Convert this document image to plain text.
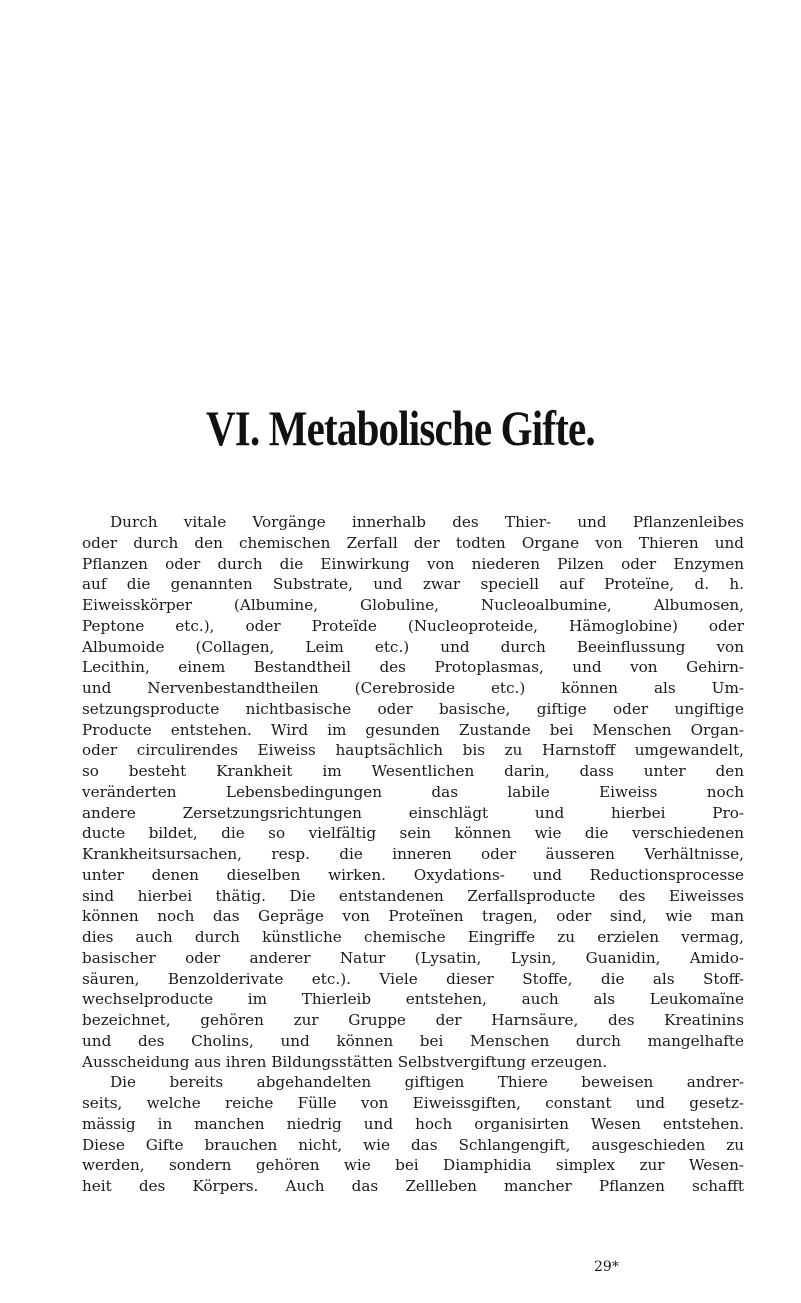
VI. Metabolische Gifte.
Durch vitale Vorgänge innerhalb des Thier- und Pflanzenleibes
oder durch den chemischen Zerfall der todten Organe von Thieren und
Pflanzen oder durch die Einwirkung von niederen Pilzen oder Enzymen
auf die genannten Substrate, und zwar speciell auf Proteïne, d. h.
Eiweisskörper (Albumine, Globuline, Nucleoalbumine, Albumosen,
Peptone etc.), oder Proteïde (Nucleoproteide, Hämoglobine) oder
Albumoide (Collagen, Leim etc.) und durch Beeinflussung von
Lecithin, einem Bestandtheil des Protoplasmas, und von Gehirn-
und Nervenbestandtheilen (Cerebroside etc.) können als Um-
setzungsproducte nichtbasische oder basische, giftige oder ungiftige
Producte entstehen. Wird im gesunden Zustande bei Menschen Organ-
oder circulirendes Eiweiss hauptsächlich bis zu Harnstoff umgewandelt,
so besteht Krankheit im Wesentlichen darin, dass unter den
veränderten Lebensbedingungen das labile Eiweiss noch
andere Zersetzungsrichtungen einschlägt und hierbei Pro-
ducte bildet, die so vielfältig sein können wie die verschiedenen
Krankheitsursachen, resp. die inneren oder äusseren Verhältnisse,
unter denen dieselben wirken. Oxydations- und Reductionsprocesse
sind hierbei thätig. Die entstandenen Zerfallsproducte des Eiweisses
können noch das Gepräge von Proteïnen tragen, oder sind, wie man
dies auch durch künstliche chemische Eingriffe zu erzielen vermag,
basischer oder anderer Natur (Lysatin, Lysin, Guanidin, Amido-
säuren, Benzolderivate etc.). Viele dieser Stoffe, die als Stoff-
wechselproducte im Thierleib entstehen, auch als Leukomaïne
bezeichnet, gehören zur Gruppe der Harnsäure, des Kreatinins
und des Cholins, und können bei Menschen durch mangelhafte
Ausscheidung aus ihren Bildungsstätten Selbstvergiftung erzeugen.
Die bereits abgehandelten giftigen Thiere beweisen andrer-
seits, welche reiche Fülle von Eiweissgiften, constant und gesetz-
mässig in manchen niedrig und hoch organisirten Wesen entstehen.
Diese Gifte brauchen nicht, wie das Schlangengift, ausgeschieden zu
werden, sondern gehören wie bei Diamphidia simplex zur Wesen-
heit des Körpers. Auch das Zellleben mancher Pflanzen schafft
29*
